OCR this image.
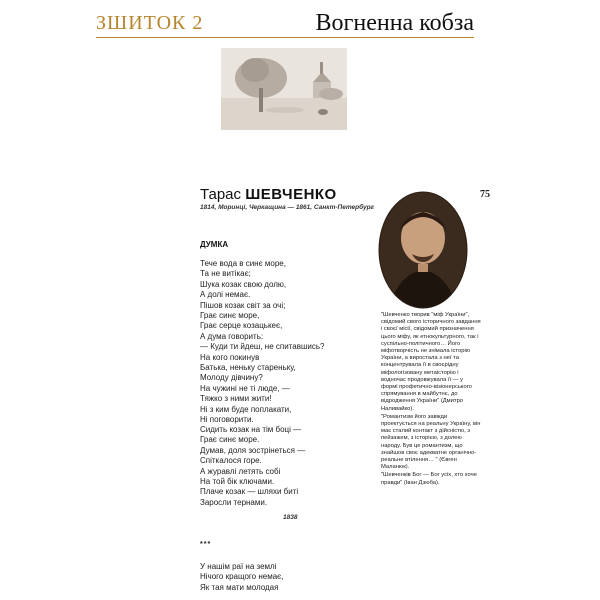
ЗШИТОК 2	Вогненна кобза
Тарас ШЕВЧЕНКО	75
1814, Моринці, Черкащина — 1861, Санкт-Петербург
ДУМКА
Тече вода в синє море,
Та не витікає;
Шука козак свою долю,
А долі немає.
Пішов козак світ за очі;
Грає синє море,
Грає серце козацькеє,
А дума говорить:
— Куди ти йдеш, не спитавшись?
На кого покинув
Батька, неньку стареньку,
Молоду дівчину?
На чужині не ті люде, —
Тяжко з ними жити!
Ні з ким буде поплакати,
Ні поговорити.
Сидить козак на тім боці —
Грає синє море.
Думав, доля зострінеться —
Спіткалося горе.
А журавлі летять собі
На той бік ключами.
Плаче козак — шляхи биті
Заросли тернами.
1838
***
У нашім раї на землі
Нічого кращого немає,
Як тая мати молодая

"Шевченко творив "міф України", свідомий свого історичного завдання і своєї місії, свідомий призначення цього міфу, як етнокультурного, так і суспільно-політичного… Його міфотворчість не знімала історію України, а виростала з неї та концентрувала її в своєрідну міфологізовану метаісторію і водночас продовжувала її — у формі профетично-візіонерського спрямування в майбутнє, до відродження України" (Дмитро Наливайко).

"Романтизм його завжди проектується на реальну Україну, він має сталий контакт з дійсністю, з пейзажем, з історією, з долею народу. Був це романтизм, що знайшов своє адекватне органічно-реальне втілення… " (Євген Маланюк).

"Шевченків Бог — Бог усіх, хто хоче правди" (Іван Дзюба).
